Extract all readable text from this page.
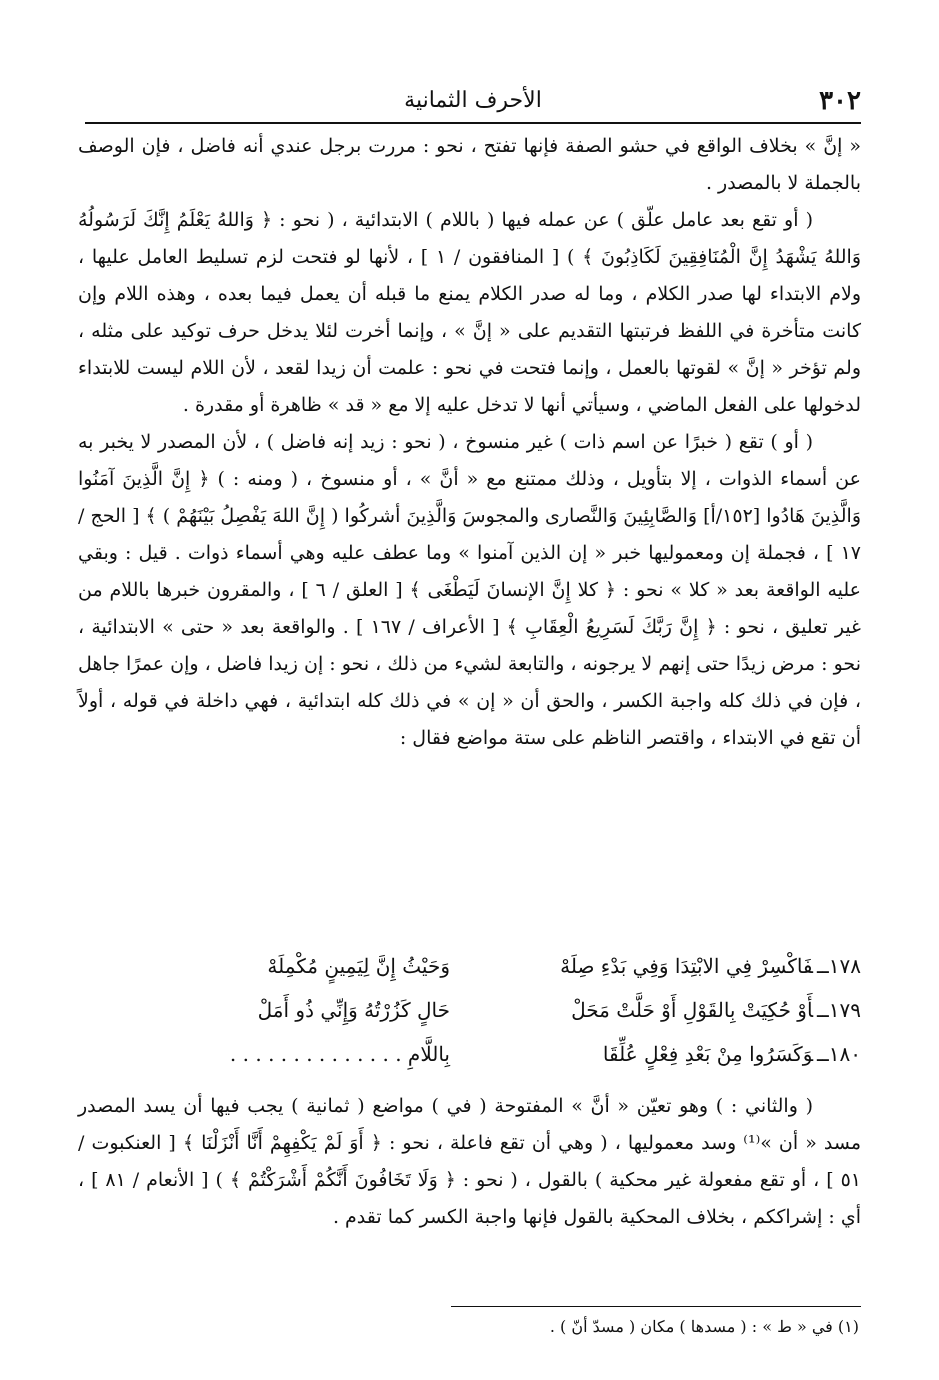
٣٠٢
الأحرف الثمانية

« إنَّ » بخلاف الواقع في حشو الصفة فإنها تفتح ، نحو : مررت برجل عندي أنه فاضل ، فإن الوصف بالجملة لا بالمصدر .

( أو تقع بعد عامل علّق ) عن عمله فيها ( باللام ) الابتدائية ، ( نحو : ﴿ وَاللهُ يَعْلَمُ إِنَّكَ لَرَسُولُهُ وَاللهُ يَشْهَدُ إِنَّ الْمُنَافِقِينَ لَكَاذِبُونَ ﴾ ) [ المنافقون / ١ ] ، لأنها لو فتحت لزم تسليط العامل عليها ، ولام الابتداء لها صدر الكلام ، وما له صدر الكلام يمنع ما قبله أن يعمل فيما بعده ، وهذه اللام وإن كانت متأخرة في اللفظ فرتبتها التقديم على « إنَّ » ، وإنما أخرت لئلا يدخل حرف توكيد على مثله ، ولم تؤخر « إنَّ » لقوتها بالعمل ، وإنما فتحت في نحو : علمت أن زيدا لقعد ، لأن اللام ليست للابتداء لدخولها على الفعل الماضي ، وسيأتي أنها لا تدخل عليه إلا مع « قد » ظاهرة أو مقدرة .

( أو ) تقع ( خبرًا عن اسم ذات ) غير منسوخ ، ( نحو : زيد إنه فاضل ) ، لأن المصدر لا يخبر به عن أسماء الذوات ، إلا بتأويل ، وذلك ممتنع مع « أنَّ » ، أو منسوخ ، ( ومنه : ) ﴿ إِنَّ الَّذِينَ آمَنُوا وَالَّذِينَ هَادُوا [١٥٢/أ] وَالصَّابِئِينَ وَالنَّصارى والمجوسَ وَالَّذِينَ أشركُوا ( إِنَّ اللهَ يَفْصِلُ بَيْنَهُمْ ) ﴾ [ الحج / ١٧ ] ، فجملة إن ومعموليها خبر « إن الذين آمنوا » وما عطف عليه وهي أسماء ذوات . قيل : وبقي عليه الواقعة بعد « كلا » نحو : ﴿ كلا إِنَّ الإنسانَ لَيَطْغَى ﴾ [ العلق / ٦ ] ، والمقرون خبرها باللام من غير تعليق ، نحو : ﴿ إِنَّ رَبَّكَ لَسَرِيعُ الْعِقَابِ ﴾ [ الأعراف / ١٦٧ ] . والواقعة بعد « حتى » الابتدائية ، نحو : مرض زيدًا حتى إنهم لا يرجونه ، والتابعة لشيء من ذلك ، نحو : إن زيدا فاضل ، وإن عمرًا جاهل ، فإن في ذلك كله واجبة الكسر ، والحق أن « إن » في ذلك كله ابتدائية ، فهي داخلة في قوله ، أولاً أن تقع في الابتداء ، واقتصر الناظم على ستة مواضع فقال :

١٧٨ــفَاكْسِرْ فِي الابْتِدَا وَفِي بَدْءِ صِلَهْ
وَحَيْثُ إِنَّ لِيَمِينٍ مُكْمِلَهْ
١٧٩ــأَوْ حُكِيَتْ بِالقَوْلِ أَوْ حَلَّتْ مَحَلْ
حَالٍ كَزُرْتُهُ وَإِنِّي ذُو أَمَلْ
١٨٠ــوَكَسَرُوا مِنْ بَعْدِ فِعْلٍ عُلِّقَا
بِاللَّامِ . . . . . . . . . . . . . .

( والثاني : ) وهو تعيّن « أنَّ » المفتوحة ( في ) مواضع ( ثمانية ) يجب فيها أن يسد المصدر مسد « أن »⁽¹⁾ وسد معموليها ، ( وهي أن تقع فاعلة ، نحو : ﴿ أَوَ لَمْ يَكْفِهِمْ أَنَّا أَنْزَلْنَا ﴾ [ العنكبوت / ٥١ ] ، أو تقع مفعولة غير محكية ) بالقول ، ( نحو : ﴿ وَلَا تَخَافُونَ أَنَّكُمْ أَشْرَكْتُمْ ﴾ ) [ الأنعام / ٨١ ] ، أي : إشراككم ، بخلاف المحكية بالقول فإنها واجبة الكسر كما تقدم .

(١) في « ط » : ( مسدها ) مكان ( مسدّ أنّ ) .
